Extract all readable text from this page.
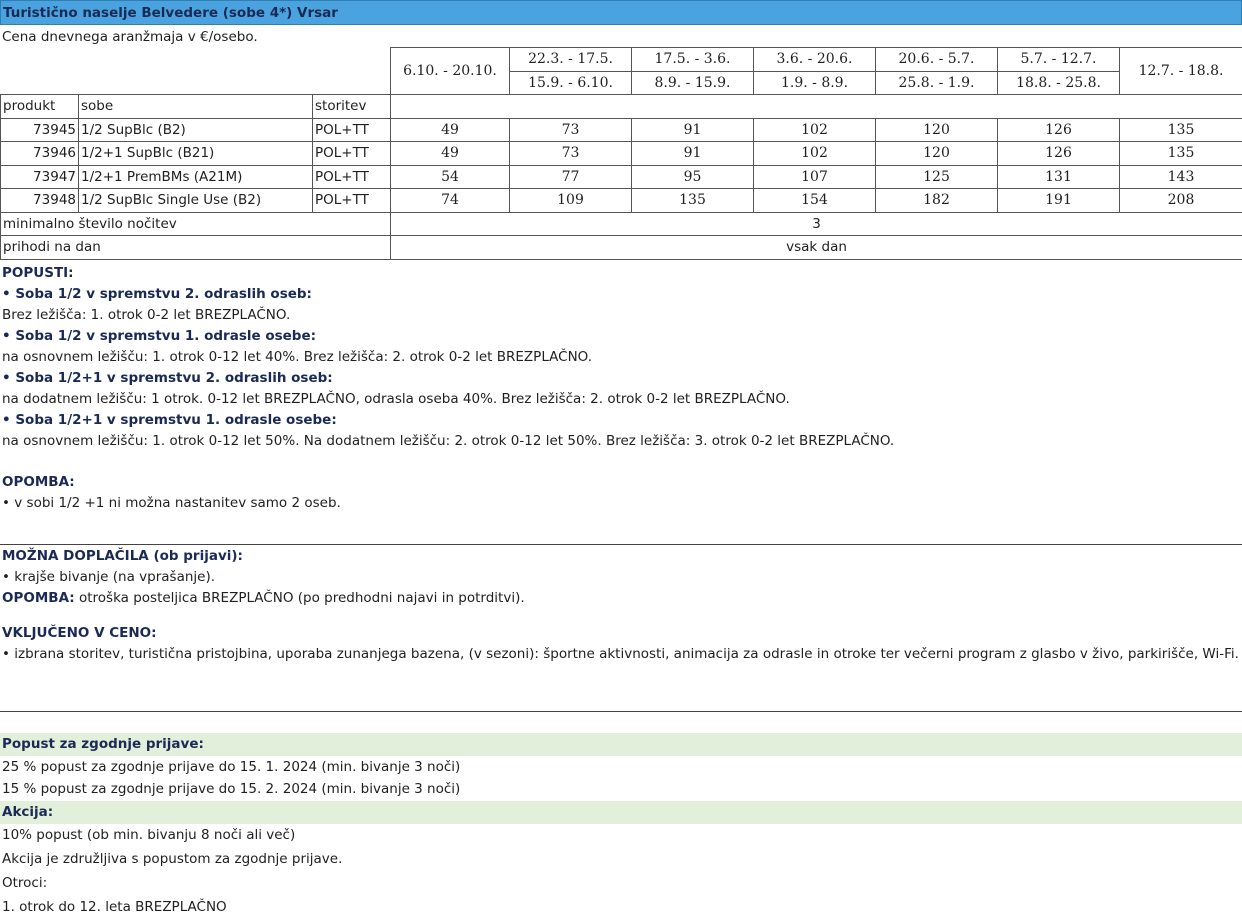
Turistično naselje Belvedere (sobe 4*) Vrsar
Cena dnevnega aranžmaja v €/osebo.
			6.10. - 20.10.	22.3. - 17.5.	17.5. - 3.6.	3.6. - 20.6.	20.6. - 5.7.	5.7. - 12.7.	12.7. - 18.8.
				15.9. - 6.10.	8.9. - 15.9.	1.9. - 8.9.	25.8. - 1.9.	18.8. - 25.8.	
produkt	sobe	storitev							
73945	1/2 SupBlc (B2)	POL+TT	49	73	91	102	120	126	135
73946	1/2+1 SupBlc (B21)	POL+TT	49	73	91	102	120	126	135
73947	1/2+1 PremBMs (A21M)	POL+TT	54	77	95	107	125	131	143
73948	1/2 SupBlc Single Use (B2)	POL+TT	74	109	135	154	182	191	208
minimalno število nočitev			3						
prihodi na dan			vsak dan						
POPUSTI:
• Soba 1/2 v spremstvu 2. odraslih oseb:
Brez ležišča: 1. otrok 0-2 let BREZPLAČNO.
• Soba 1/2 v spremstvu 1. odrasle osebe:
na osnovnem ležišču: 1. otrok 0-12 let 40%. Brez ležišča: 2. otrok 0-2 let BREZPLAČNO.
• Soba 1/2+1 v spremstvu 2. odraslih oseb:
na dodatnem ležišču: 1 otrok. 0-12 let BREZPLAČNO, odrasla oseba 40%. Brez ležišča: 2. otrok 0-2 let BREZPLAČNO.
• Soba 1/2+1 v spremstvu 1. odrasle osebe:
na osnovnem ležišču: 1. otrok 0-12 let 50%. Na dodatnem ležišču: 2. otrok 0-12 let 50%. Brez ležišča: 3. otrok 0-2 let BREZPLAČNO.
OPOMBA:
• v sobi 1/2 +1 ni možna nastanitev samo 2 oseb.
MOŽNA DOPLAČILA (ob prijavi):
• krajše bivanje (na vprašanje).
OPOMBA: otroška posteljica BREZPLAČNO (po predhodni najavi in potrditvi).
VKLJUČENO V CENO:
• izbrana storitev, turistična pristojbina, uporaba zunanjega bazena, (v sezoni): športne aktivnosti, animacija za odrasle in otroke ter večerni program z glasbo v živo, parkirišče, Wi-Fi.
Popust za zgodnje prijave:
25 % popust za zgodnje prijave do 15. 1. 2024 (min. bivanje 3 noči)
15 % popust za zgodnje prijave do 15. 2. 2024 (min. bivanje 3 noči)
Akcija:
10% popust (ob min. bivanju 8 noči ali več)
Akcija je združljiva s popustom za zgodnje prijave.
Otroci:
1. otrok do 12. leta BREZPLAČNO
